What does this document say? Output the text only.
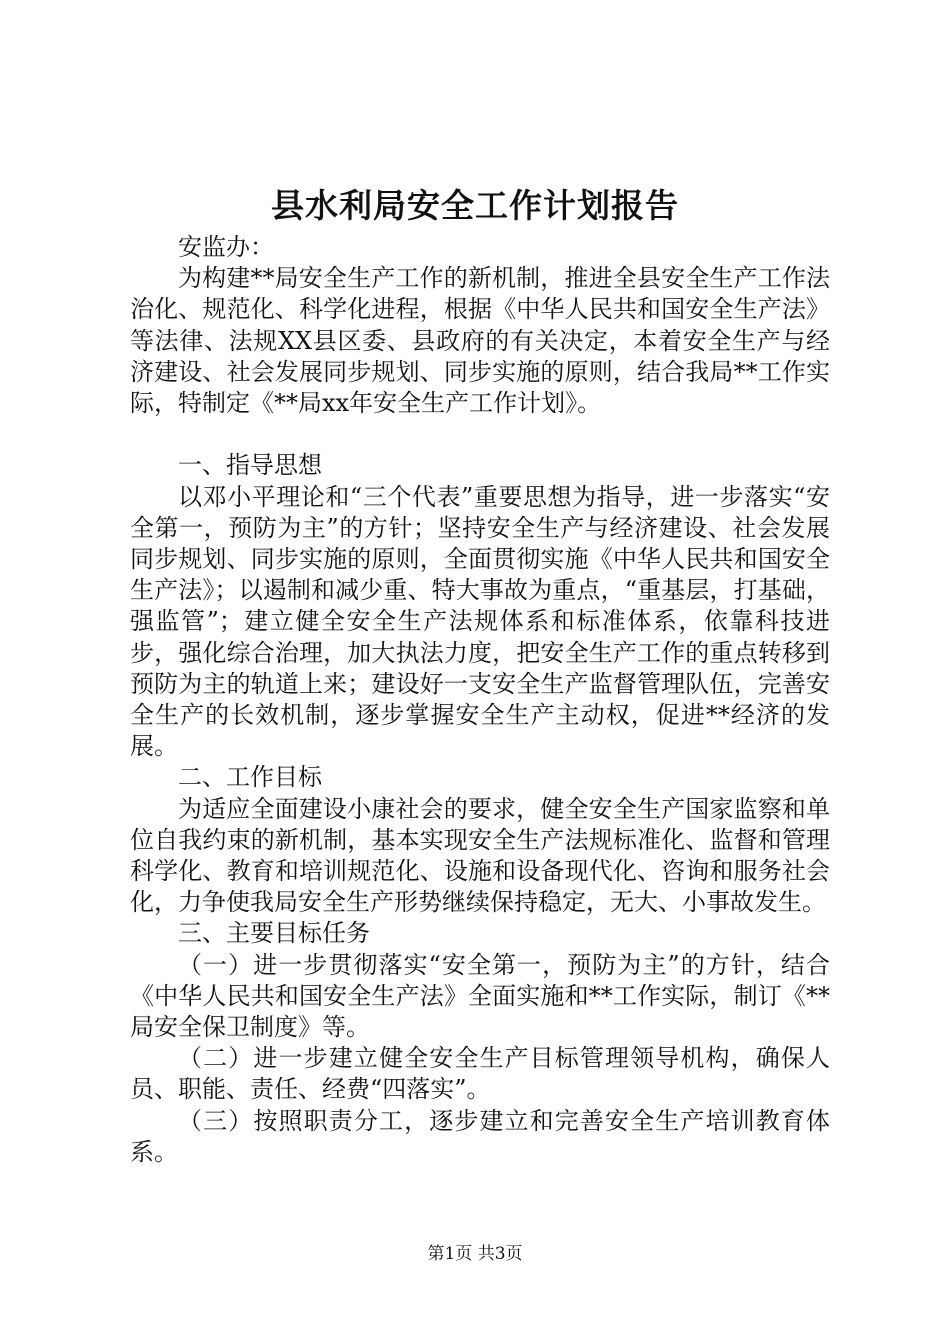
县水利局安全工作计划报告

安监办：

为构建**局安全生产工作的新机制，推进全县安全生产工作法治化、规范化、科学化进程，根据《中华人民共和国安全生产法》等法律、法规XX县区委、县政府的有关决定，本着安全生产与经济建设、社会发展同步规划、同步实施的原则，结合我局**工作实际，特制定《**局xx年安全生产工作计划》。

一、指导思想

以邓小平理论和“三个代表”重要思想为指导，进一步落实“安全第一，预防为主”的方针；坚持安全生产与经济建设、社会发展同步规划、同步实施的原则，全面贯彻实施《中华人民共和国安全生产法》；以遏制和减少重、特大事故为重点，“重基层，打基础，强监管”；建立健全安全生产法规体系和标准体系，依靠科技进步，强化综合治理，加大执法力度，把安全生产工作的重点转移到预防为主的轨道上来；建设好一支安全生产监督管理队伍，完善安全生产的长效机制，逐步掌握安全生产主动权，促进**经济的发展。

二、工作目标

为适应全面建设小康社会的要求，健全安全生产国家监察和单位自我约束的新机制，基本实现安全生产法规标准化、监督和管理科学化、教育和培训规范化、设施和设备现代化、咨询和服务社会化，力争使我局安全生产形势继续保持稳定，无大、小事故发生。

三、主要目标任务

（一）进一步贯彻落实“安全第一，预防为主”的方针，结合《中华人民共和国安全生产法》全面实施和**工作实际，制订《**局安全保卫制度》等。

（二）进一步建立健全安全生产目标管理领导机构，确保人员、职能、责任、经费“四落实”。

（三）按照职责分工，逐步建立和完善安全生产培训教育体系。

第1页 共3页
